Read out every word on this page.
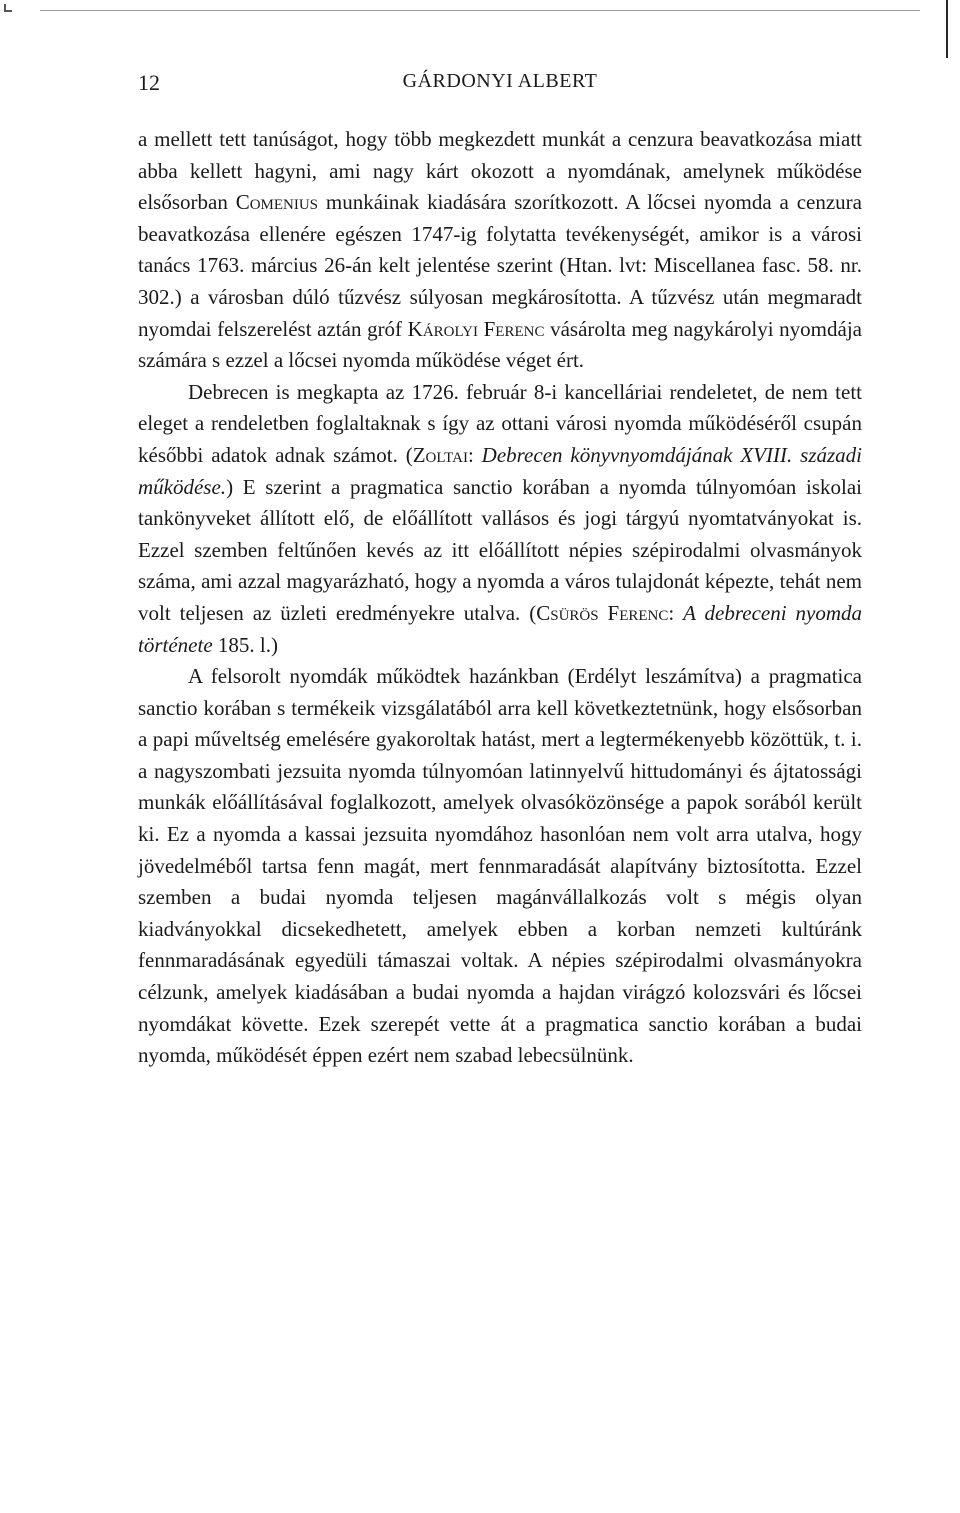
12	GÁRDONYI ALBERT

a mellett tett tanúságot, hogy több megkezdett munkát a cenzura beavatkozása miatt abba kellett hagyni, ami nagy kárt okozott a nyomdának, amelynek működése elsősorban Comenius munkáinak kiadására szorítkozott. A lőcsei nyomda a cenzura beavatkozása ellenére egészen 1747-ig folytatta tevékenységét, amikor is a városi tanács 1763. március 26-án kelt jelentése szerint (Htan. lvt: Miscellanea fasc. 58. nr. 302.) a városban dúló tűzvész súlyosan megkárosította. A tűzvész után megmaradt nyomdai felszerelést aztán gróf Károlyi Ferenc vásárolta meg nagykárolyi nyomdája számára s ezzel a lőcsei nyomda működése véget ért.

Debrecen is megkapta az 1726. február 8-i kancelláriai rendeletet, de nem tett eleget a rendeletben foglaltaknak s így az ottani városi nyomda működéséről csupán későbbi adatok adnak számot. (Zoltai: Debrecen könyvnyomdájának XVIII. századi működése.) E szerint a pragmatica sanctio korában a nyomda túlnyomóan iskolai tankönyveket állított elő, de előállított vallásos és jogi tárgyú nyomtatványokat is. Ezzel szemben feltűnően kevés az itt előállított népies szépirodalmi olvasmányok száma, ami azzal magyarázható, hogy a nyomda a város tulajdonát képezte, tehát nem volt teljesen az üzleti eredményekre utalva. (Csürös Ferenc: A debreceni nyomda története 185. l.)

A felsorolt nyomdák működtek hazánkban (Erdélyt leszámítva) a pragmatica sanctio korában s termékeik vizsgálatából arra kell következtetnünk, hogy elsősorban a papi műveltség emelésére gyakoroltak hatást, mert a legtermékenyebb közöttük, t. i. a nagyszombati jezsuita nyomda túlnyomóan latinnyelvű hittudományi és ájtatossági munkák előállításával foglalkozott, amelyek olvasóközönsége a papok sorából került ki. Ez a nyomda a kassai jezsuita nyomdához hasonlóan nem volt arra utalva, hogy jövedelméből tartsa fenn magát, mert fennmaradását alapítvány biztosította. Ezzel szemben a budai nyomda teljesen magánvállalkozás volt s mégis olyan kiadványokkal dicsekedhetett, amelyek ebben a korban nemzeti kultúránk fennmaradásának egyedüli támaszai voltak. A népies szépirodalmi olvasmányokra célzunk, amelyek kiadásában a budai nyomda a hajdan virágzó kolozsvári és lőcsei nyomdákat követte. Ezek szerepét vette át a pragmatica sanctio korában a budai nyomda, működését éppen ezért nem szabad lebecsülnünk.
